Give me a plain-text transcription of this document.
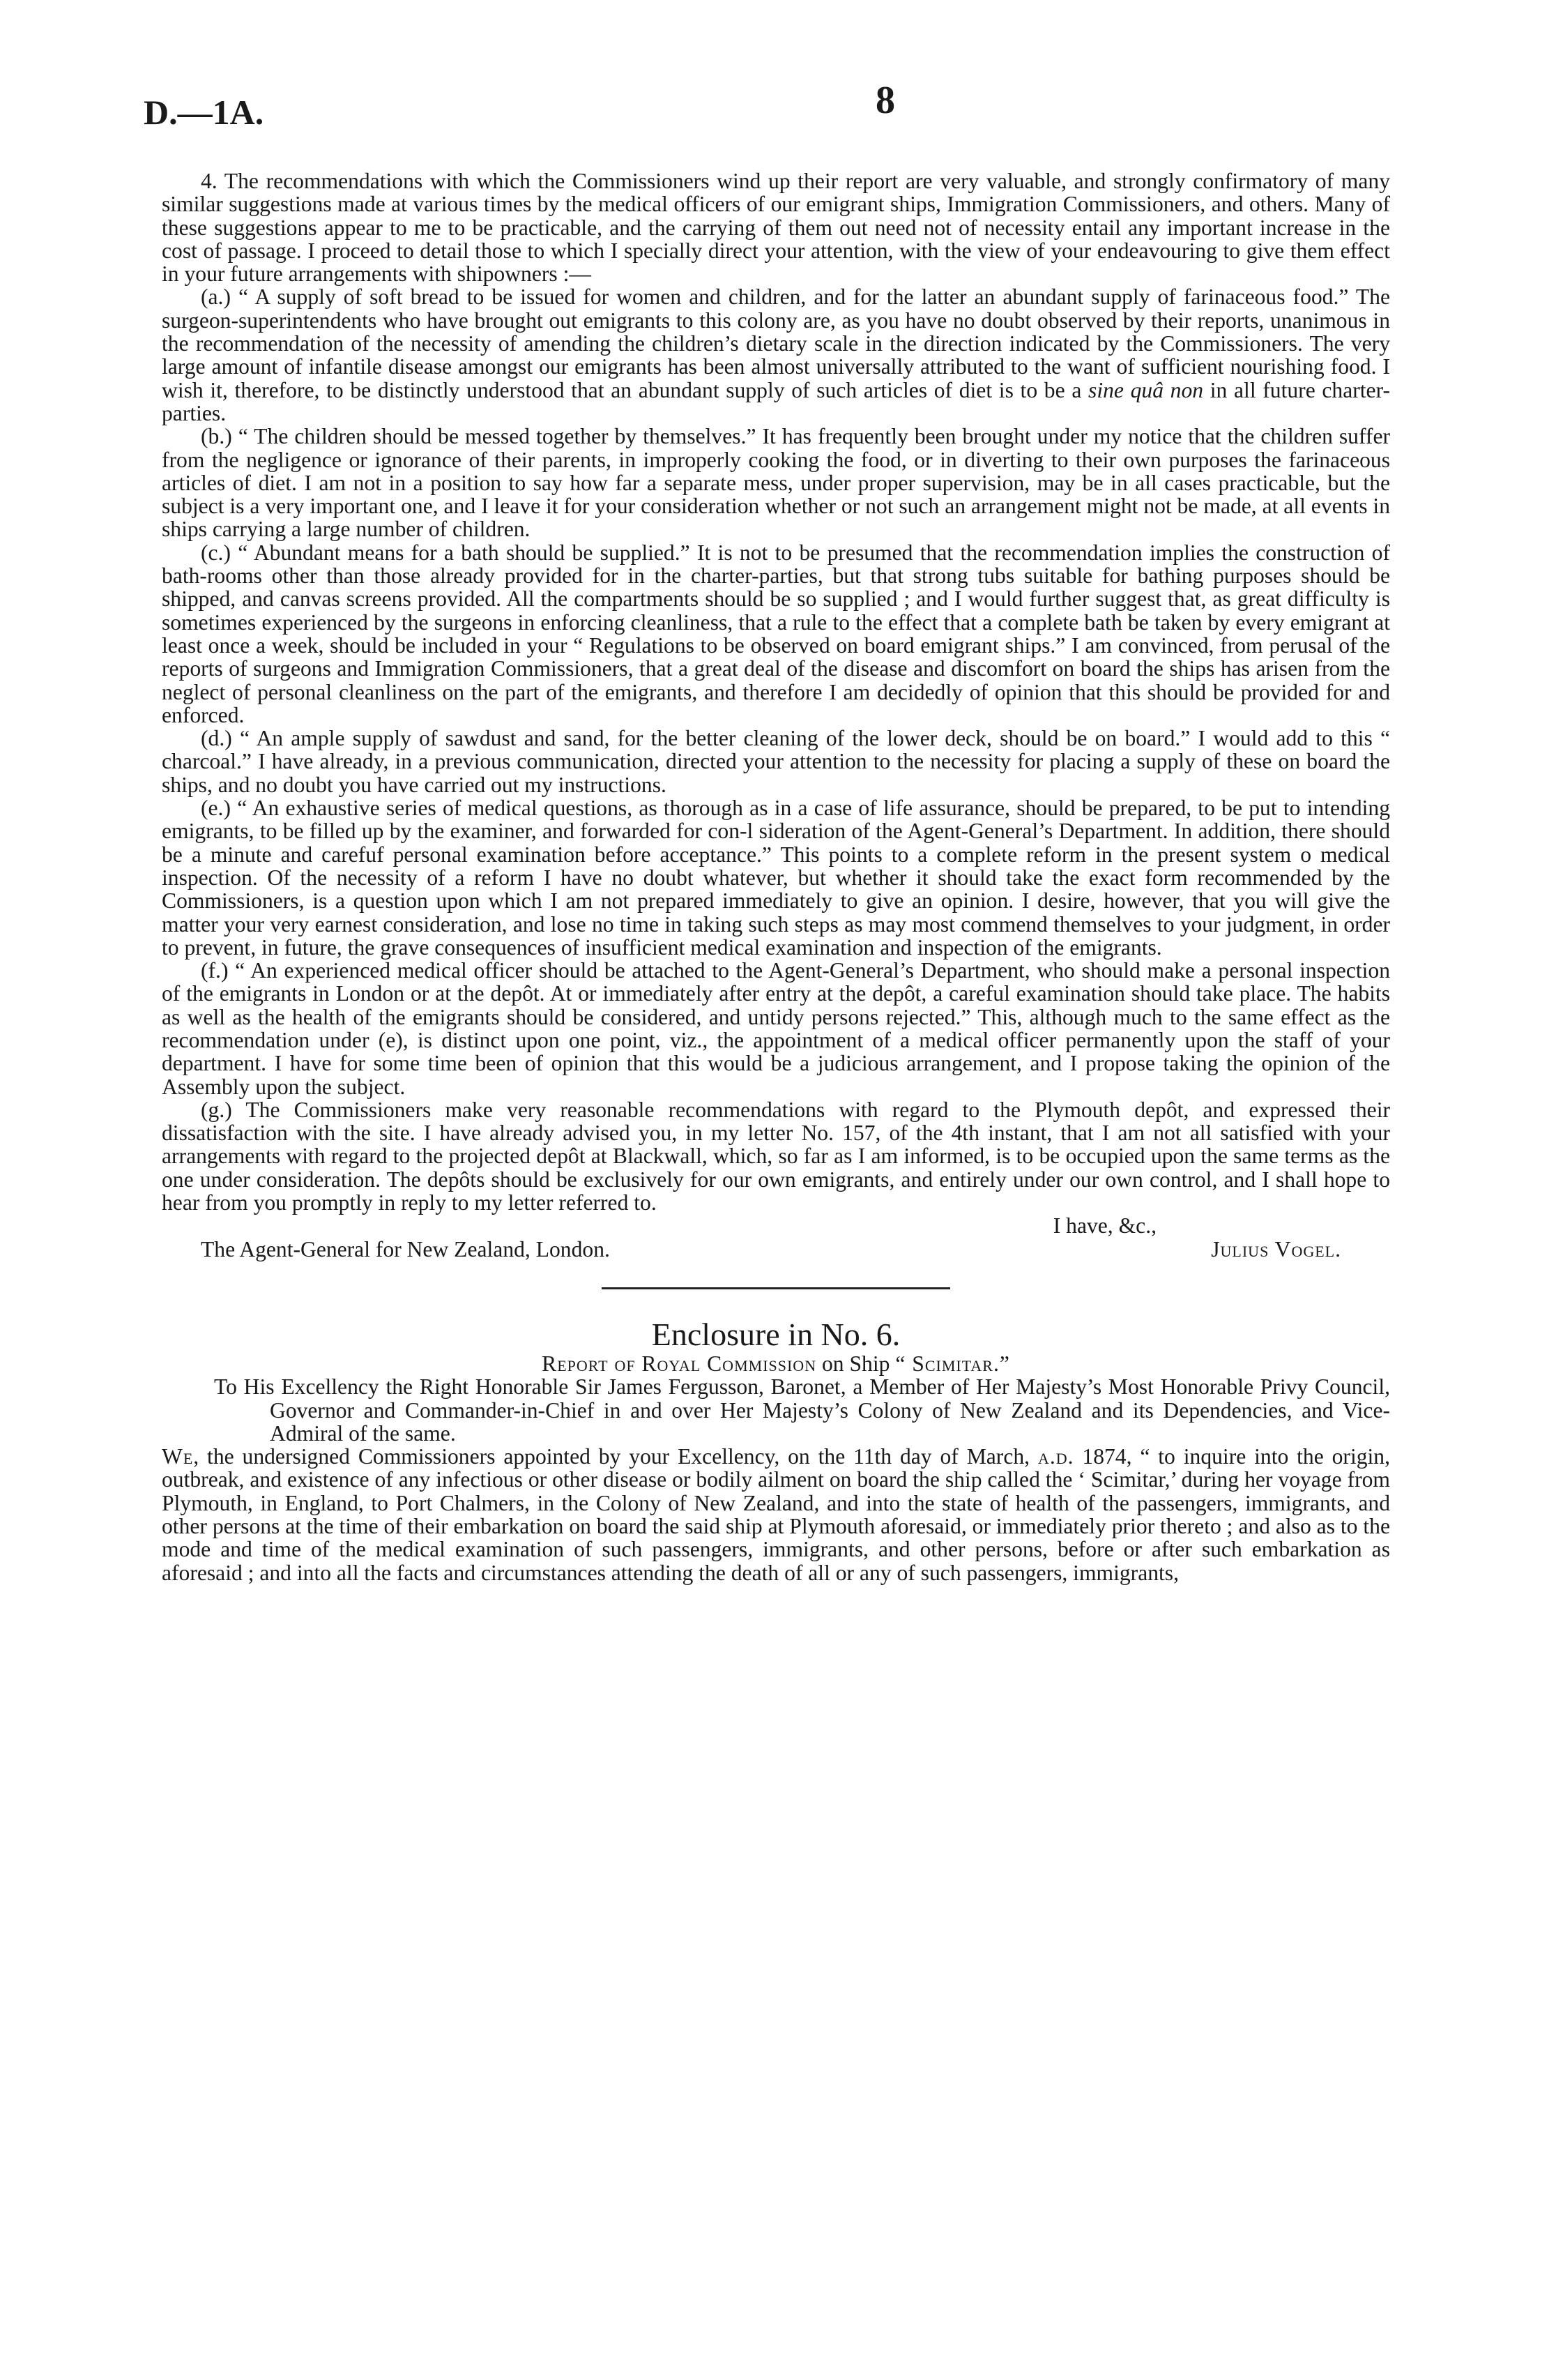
D.—1A.	8

4. The recommendations with which the Commissioners wind up their report are very valuable, and strongly confirmatory of many similar suggestions made at various times by the medical officers of our emigrant ships, Immigration Commissioners, and others. Many of these suggestions appear to me to be practicable, and the carrying of them out need not of necessity entail any important increase in the cost of passage. I proceed to detail those to which I specially direct your attention, with the view of your endeavouring to give them effect in your future arrangements with shipowners :—

(a.) “ A supply of soft bread to be issued for women and children, and for the latter an abundant supply of farinaceous food.” The surgeon-superintendents who have brought out emigrants to this colony are, as you have no doubt observed by their reports, unanimous in the recommendation of the necessity of amending the children’s dietary scale in the direction indicated by the Commissioners. The very large amount of infantile disease amongst our emigrants has been almost universally attributed to the want of sufficient nourishing food. I wish it, therefore, to be distinctly understood that an abundant supply of such articles of diet is to be a sine quâ non in all future charter-parties.

(b.) “ The children should be messed together by themselves.” It has frequently been brought under my notice that the children suffer from the negligence or ignorance of their parents, in improperly cooking the food, or in diverting to their own purposes the farinaceous articles of diet. I am not in a position to say how far a separate mess, under proper supervision, may be in all cases practicable, but the subject is a very important one, and I leave it for your consideration whether or not such an arrangement might not be made, at all events in ships carrying a large number of children.

(c.) “ Abundant means for a bath should be supplied.” It is not to be presumed that the recommendation implies the construction of bath-rooms other than those already provided for in the charter-parties, but that strong tubs suitable for bathing purposes should be shipped, and canvas screens provided. All the compartments should be so supplied ; and I would further suggest that, as great difficulty is sometimes experienced by the surgeons in enforcing cleanliness, that a rule to the effect that a complete bath be taken by every emigrant at least once a week, should be included in your “ Regulations to be observed on board emigrant ships.” I am convinced, from perusal of the reports of surgeons and Immigration Commissioners, that a great deal of the disease and discomfort on board the ships has arisen from the neglect of personal cleanliness on the part of the emigrants, and therefore I am decidedly of opinion that this should be provided for and enforced.

(d.) “ An ample supply of sawdust and sand, for the better cleaning of the lower deck, should be on board.” I would add to this “ charcoal.” I have already, in a previous communication, directed your attention to the necessity for placing a supply of these on board the ships, and no doubt you have carried out my instructions.

(e.) “ An exhaustive series of medical questions, as thorough as in a case of life assurance, should be prepared, to be put to intending emigrants, to be filled up by the examiner, and forwarded for con-l sideration of the Agent-General’s Department. In addition, there should be a minute and carefuf personal examination before acceptance.” This points to a complete reform in the present system o medical inspection. Of the necessity of a reform I have no doubt whatever, but whether it should take the exact form recommended by the Commissioners, is a question upon which I am not prepared immediately to give an opinion. I desire, however, that you will give the matter your very earnest consideration, and lose no time in taking such steps as may most commend themselves to your judgment, in order to prevent, in future, the grave consequences of insufficient medical examination and inspection of the emigrants.

(f.) “ An experienced medical officer should be attached to the Agent-General’s Department, who should make a personal inspection of the emigrants in London or at the depôt. At or immediately after entry at the depôt, a careful examination should take place. The habits as well as the health of the emigrants should be considered, and untidy persons rejected.” This, although much to the same effect as the recommendation under (e), is distinct upon one point, viz., the appointment of a medical officer permanently upon the staff of your department. I have for some time been of opinion that this would be a judicious arrangement, and I propose taking the opinion of the Assembly upon the subject.

(g.) The Commissioners make very reasonable recommendations with regard to the Plymouth depôt, and expressed their dissatisfaction with the site. I have already advised you, in my letter No. 157, of the 4th instant, that I am not all satisfied with your arrangements with regard to the projected depôt at Blackwall, which, so far as I am informed, is to be occupied upon the same terms as the one under consideration. The depôts should be exclusively for our own emigrants, and entirely under our own control, and I shall hope to hear from you promptly in reply to my letter referred to.

I have, &c.,

The Agent-General for New Zealand, London.	Julius Vogel.

Enclosure in No. 6.

Report of Royal Commission on Ship “ Scimitar.”

To His Excellency the Right Honorable Sir James Fergusson, Baronet, a Member of Her Majesty’s Most Honorable Privy Council, Governor and Commander-in-Chief in and over Her Majesty’s Colony of New Zealand and its Dependencies, and Vice-Admiral of the same.

We, the undersigned Commissioners appointed by your Excellency, on the 11th day of March, a.d. 1874, “ to inquire into the origin, outbreak, and existence of any infectious or other disease or bodily ailment on board the ship called the ‘ Scimitar,’ during her voyage from Plymouth, in England, to Port Chalmers, in the Colony of New Zealand, and into the state of health of the passengers, immigrants, and other persons at the time of their embarkation on board the said ship at Plymouth aforesaid, or immediately prior thereto ; and also as to the mode and time of the medical examination of such passengers, immigrants, and other persons, before or after such embarkation as aforesaid ; and into all the facts and circumstances attending the death of all or any of such passengers, immigrants,
